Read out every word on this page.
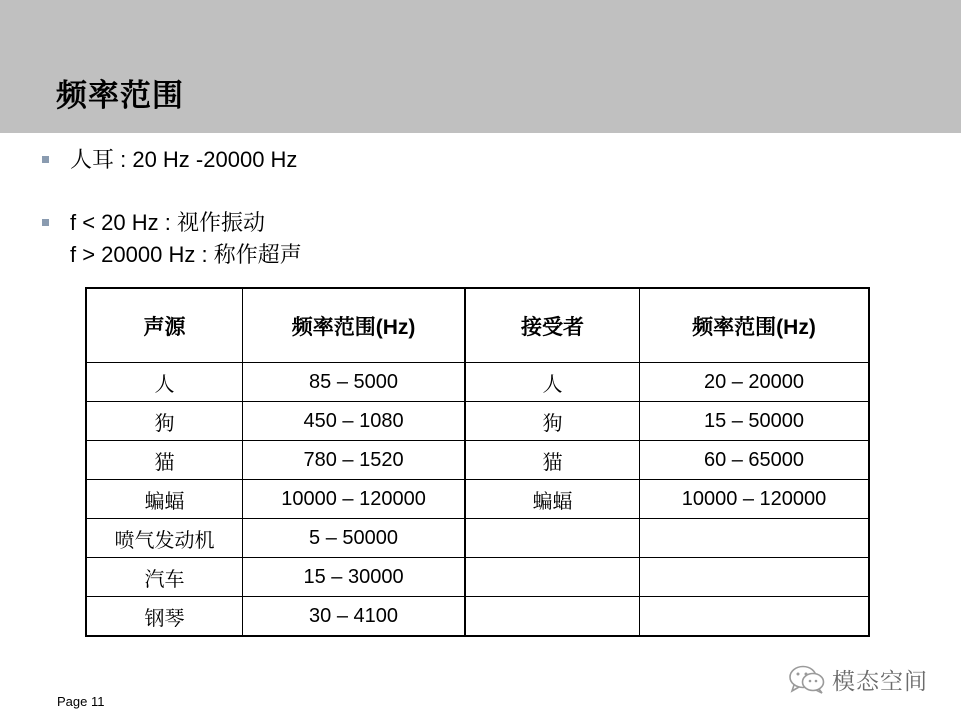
频率范围
人耳 : 20 Hz -20000 Hz
f < 20 Hz : 视作振动
f > 20000 Hz : 称作超声
声源	频率范围(Hz)	接受者	频率范围(Hz)
人	85 – 5000	人	20 – 20000
狗	450 – 1080	狗	15 – 50000
猫	780 – 1520	猫	60 – 65000
蝙蝠	10000 – 120000	蝙蝠	10000 – 120000
喷气发动机	5 – 50000		
汽车	15 – 30000		
钢琴	30 – 4100		
Page 11
模态空间
